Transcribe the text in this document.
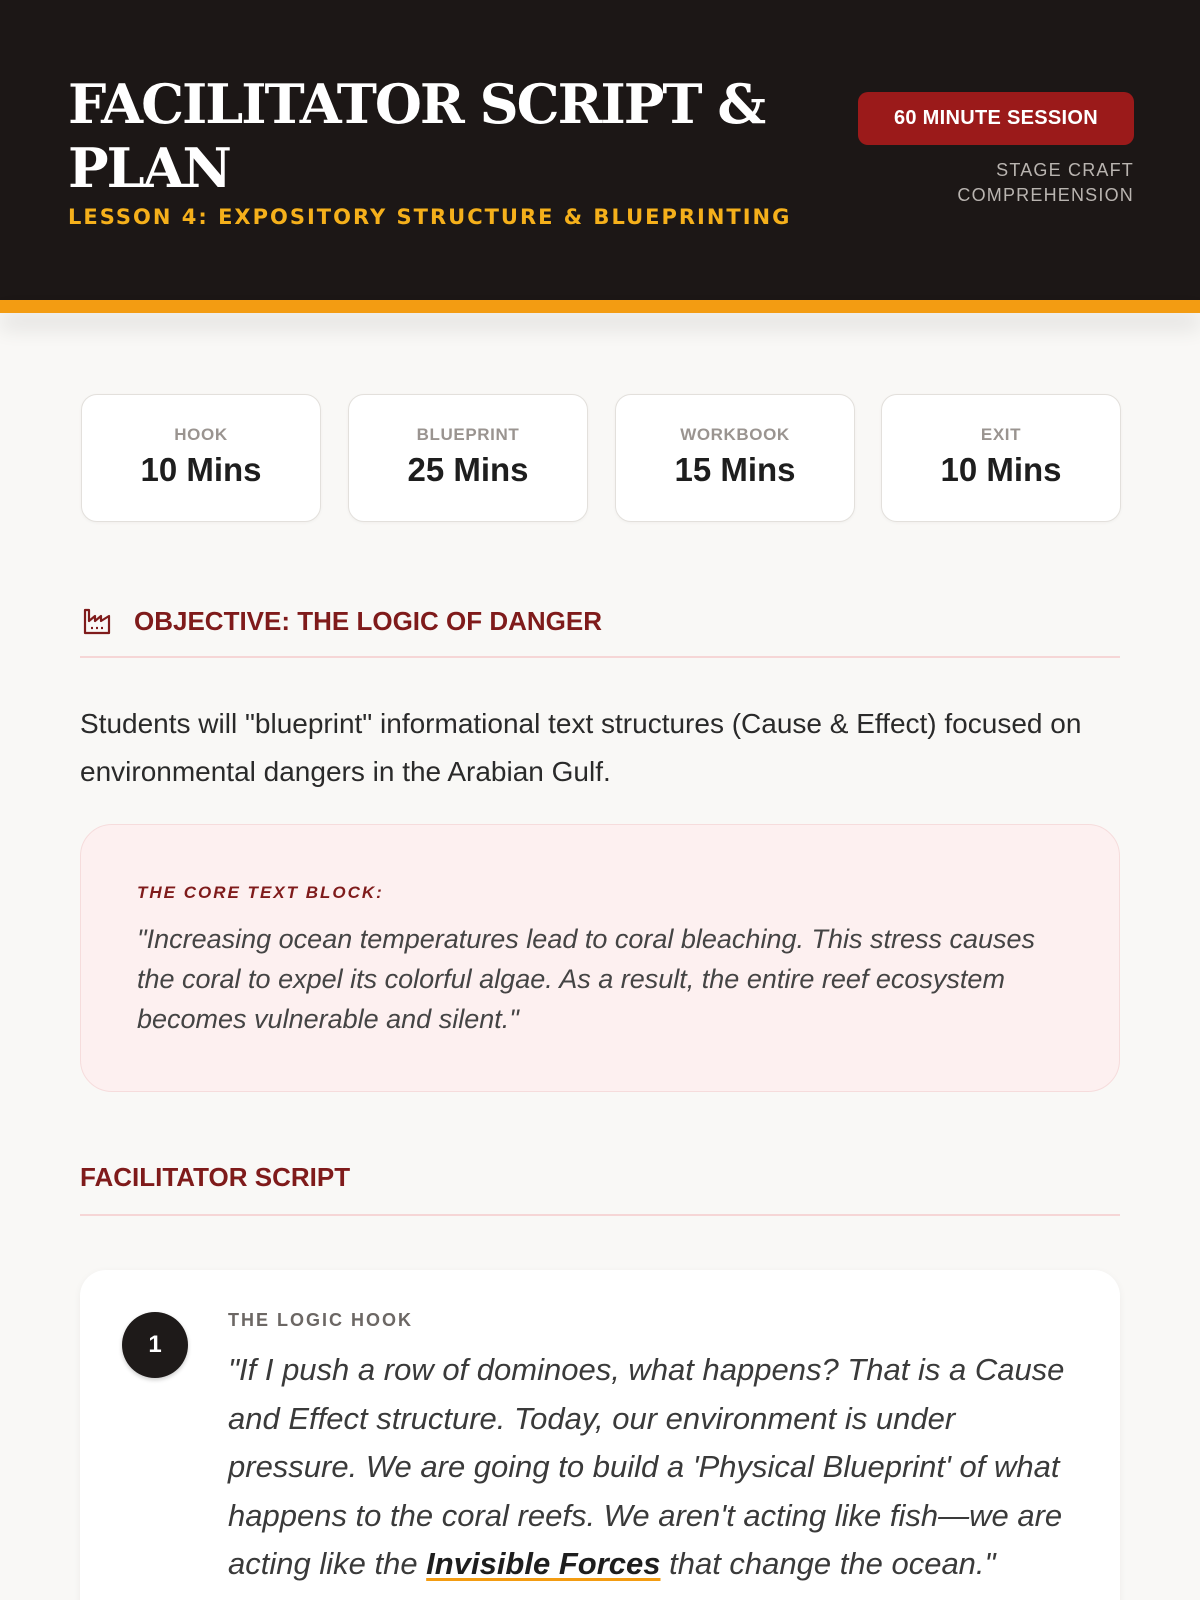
FACILITATOR SCRIPT & PLAN
LESSON 4: EXPOSITORY STRUCTURE & BLUEPRINTING
60 MINUTE SESSION
STAGE CRAFT
COMPREHENSION
HOOK
10 Mins
BLUEPRINT
25 Mins
WORKBOOK
15 Mins
EXIT
10 Mins
OBJECTIVE: THE LOGIC OF DANGER
Students will "blueprint" informational text structures (Cause & Effect) focused on environmental dangers in the Arabian Gulf.
THE CORE TEXT BLOCK:
"Increasing ocean temperatures lead to coral bleaching. This stress causes the coral to expel its colorful algae. As a result, the entire reef ecosystem becomes vulnerable and silent."
FACILITATOR SCRIPT
1
THE LOGIC HOOK
"If I push a row of dominoes, what happens? That is a Cause and Effect structure. Today, our environment is under pressure. We are going to build a 'Physical Blueprint' of what happens to the coral reefs. We aren't acting like fish—we are acting like the Invisible Forces that change the ocean."
